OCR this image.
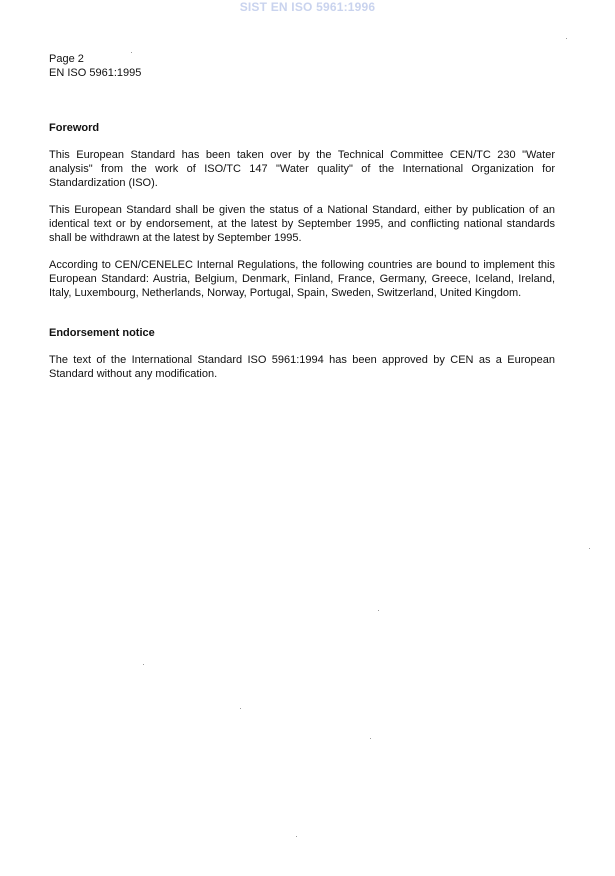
SIST EN ISO 5961:1996
Page 2
EN ISO 5961:1995
Foreword

This European Standard has been taken over by the Technical Committee CEN/TC 230 "Water analysis" from the work of ISO/TC 147 "Water quality" of the International Organization for Standardization (ISO).

This European Standard shall be given the status of a National Standard, either by publication of an identical text or by endorsement, at the latest by September 1995, and conflicting national standards shall be withdrawn at the latest by September 1995.

According to CEN/CENELEC Internal Regulations, the following countries are bound to implement this European Standard: Austria, Belgium, Denmark, Finland, France, Germany, Greece, Iceland, Ireland, Italy, Luxembourg, Netherlands, Norway, Portugal, Spain, Sweden, Switzerland, United Kingdom.

Endorsement notice

The text of the International Standard ISO 5961:1994 has been approved by CEN as a European Standard without any modification.
